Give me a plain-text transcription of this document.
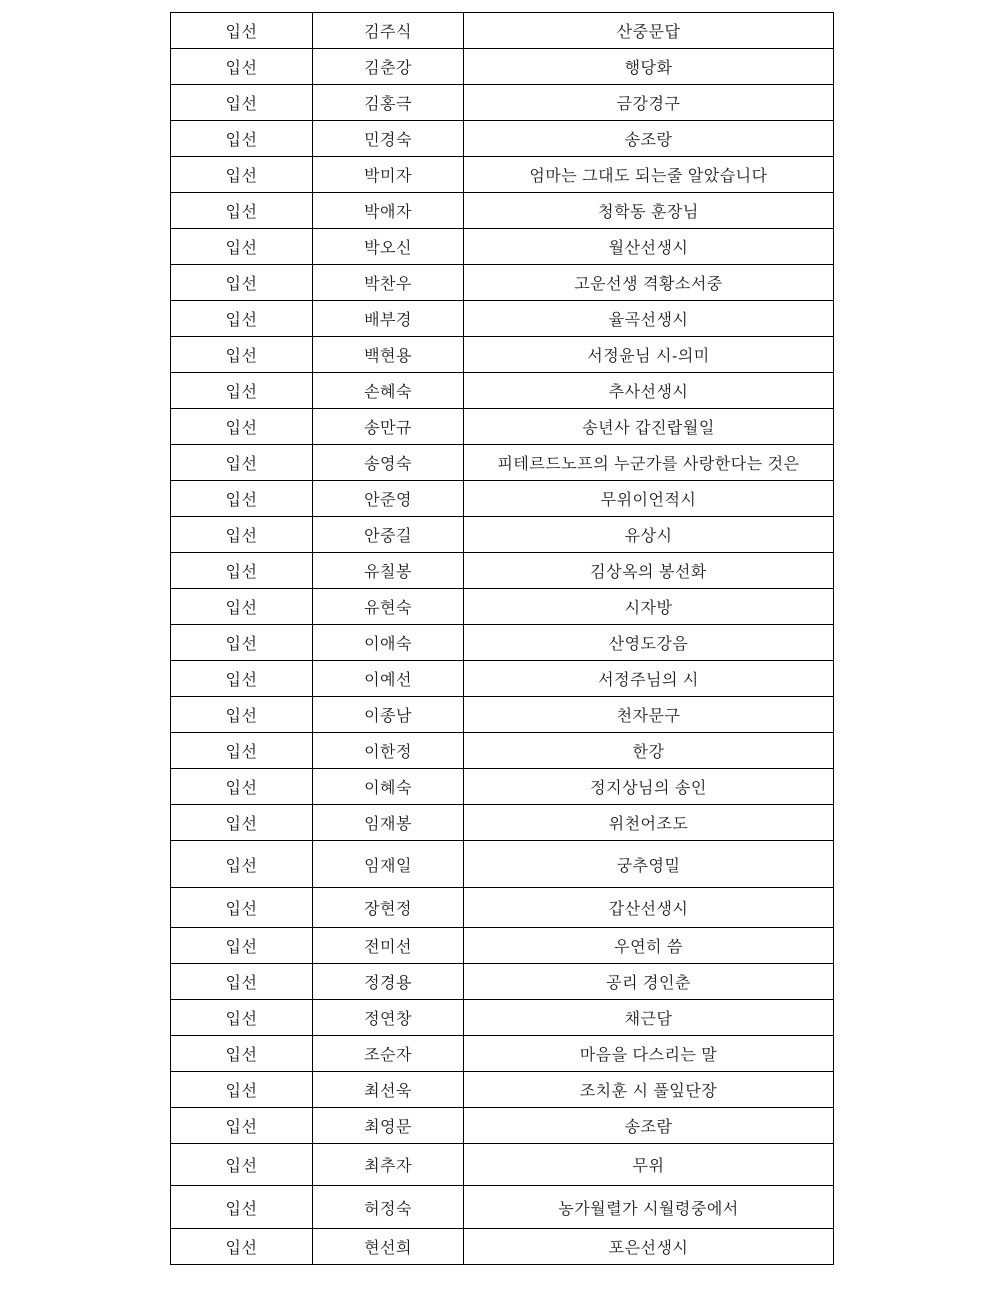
입선	김주식	산중문답
입선	김춘강	행당화
입선	김홍극	금강경구
입선	민경숙	송조랑
입선	박미자	엄마는 그대도 되는줄 알았습니다
입선	박애자	청학동 훈장님
입선	박오신	월산선생시
입선	박찬우	고운선생 격황소서중
입선	배부경	율곡선생시
입선	백현용	서정윤님 시-의미
입선	손혜숙	추사선생시
입선	송만규	송년사 갑진랍월일
입선	송영숙	피테르드노프의 누군가를 사랑한다는 것은
입선	안준영	무위이언적시
입선	안중길	유상시
입선	유칠봉	김상옥의 봉선화
입선	유현숙	시자방
입선	이애숙	산영도강음
입선	이예선	서정주님의 시
입선	이종남	천자문구
입선	이한정	한강
입선	이혜숙	정지상님의 송인
입선	임재봉	위천어조도
입선	임재일	궁추영밀
입선	장현정	갑산선생시
입선	전미선	우연히 씀
입선	정경용	공리 경인춘
입선	정연창	채근담
입선	조순자	마음을 다스리는 말
입선	최선욱	조치훈 시 풀잎단장
입선	최영문	송조람
입선	최추자	무위
입선	허정숙	농가월렬가 시월령중에서
입선	현선희	포은선생시
